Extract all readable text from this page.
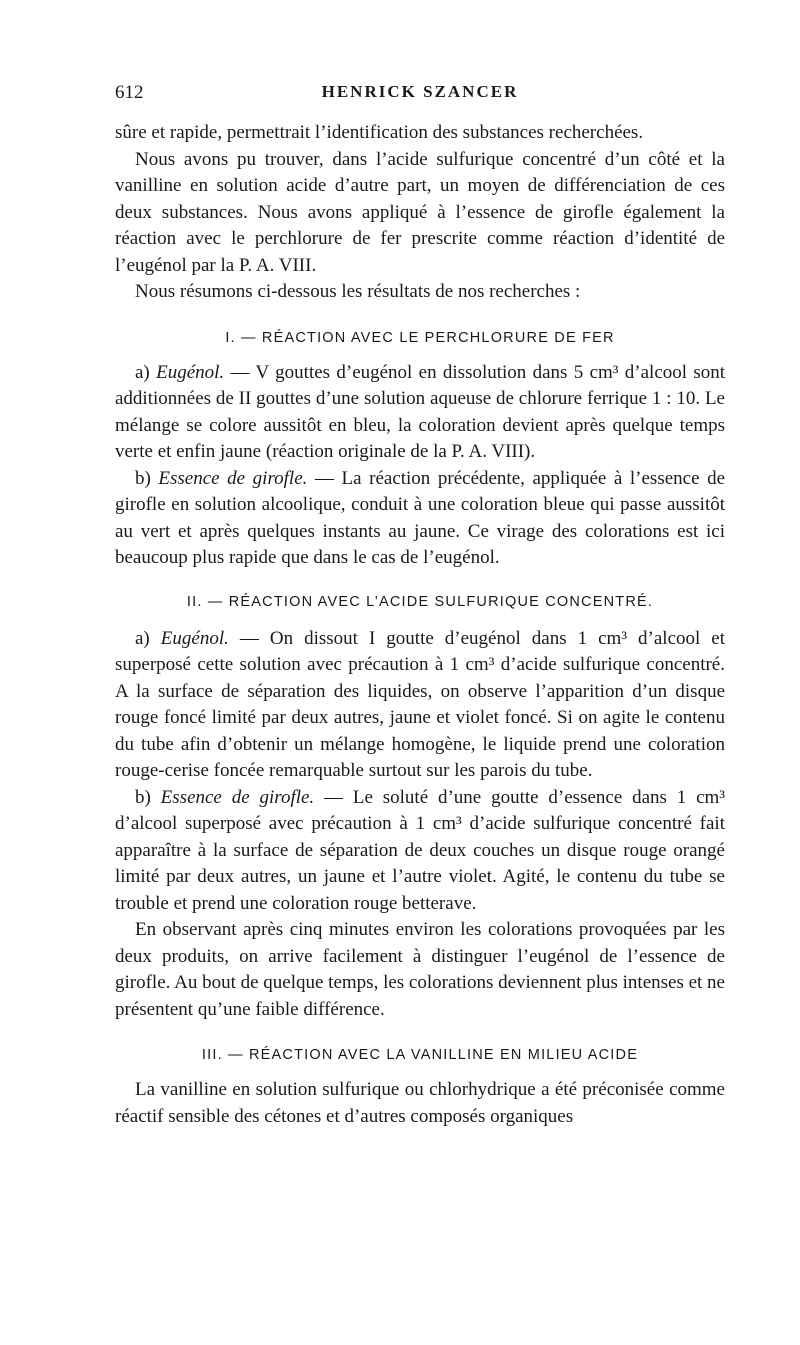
612	HENRICK SZANCER

sûre et rapide, permettrait l’identification des substances recherchées.

Nous avons pu trouver, dans l’acide sulfurique concentré d’un côté et la vanilline en solution acide d’autre part, un moyen de différenciation de ces deux substances. Nous avons appliqué à l’essence de girofle également la réaction avec le perchlorure de fer prescrite comme réaction d’identité de l’eugénol par la P. A. VIII.

Nous résumons ci-dessous les résultats de nos recherches :

I. — RÉACTION AVEC LE PERCHLORURE DE FER

a) Eugénol. — V gouttes d’eugénol en dissolution dans 5 cm³ d’alcool sont additionnées de II gouttes d’une solution aqueuse de chlorure ferrique 1 : 10. Le mélange se colore aussitôt en bleu, la coloration devient après quelque temps verte et enfin jaune (réaction originale de la P. A. VIII).

b) Essence de girofle. — La réaction précédente, appliquée à l’essence de girofle en solution alcoolique, conduit à une coloration bleue qui passe aussitôt au vert et après quelques instants au jaune. Ce virage des colorations est ici beaucoup plus rapide que dans le cas de l’eugénol.

II. — RÉACTION AVEC L’ACIDE SULFURIQUE CONCENTRÉ.

a) Eugénol. — On dissout I goutte d’eugénol dans 1 cm³ d’alcool et superposé cette solution avec précaution à 1 cm³ d’acide sulfurique concentré. A la surface de séparation des liquides, on observe l’apparition d’un disque rouge foncé limité par deux autres, jaune et violet foncé. Si on agite le contenu du tube afin d’obtenir un mélange homogène, le liquide prend une coloration rouge-cerise foncée remarquable surtout sur les parois du tube.

b) Essence de girofle. — Le soluté d’une goutte d’essence dans 1 cm³ d’alcool superposé avec précaution à 1 cm³ d’acide sulfurique concentré fait apparaître à la surface de séparation de deux couches un disque rouge orangé limité par deux autres, un jaune et l’autre violet. Agité, le contenu du tube se trouble et prend une coloration rouge betterave.

En observant après cinq minutes environ les colorations provoquées par les deux produits, on arrive facilement à distinguer l’eugénol de l’essence de girofle. Au bout de quelque temps, les colorations deviennent plus intenses et ne présentent qu’une faible différence.

III. — RÉACTION AVEC LA VANILLINE EN MILIEU ACIDE

La vanilline en solution sulfurique ou chlorhydrique a été préconisée comme réactif sensible des cétones et d’autres composés organiques
